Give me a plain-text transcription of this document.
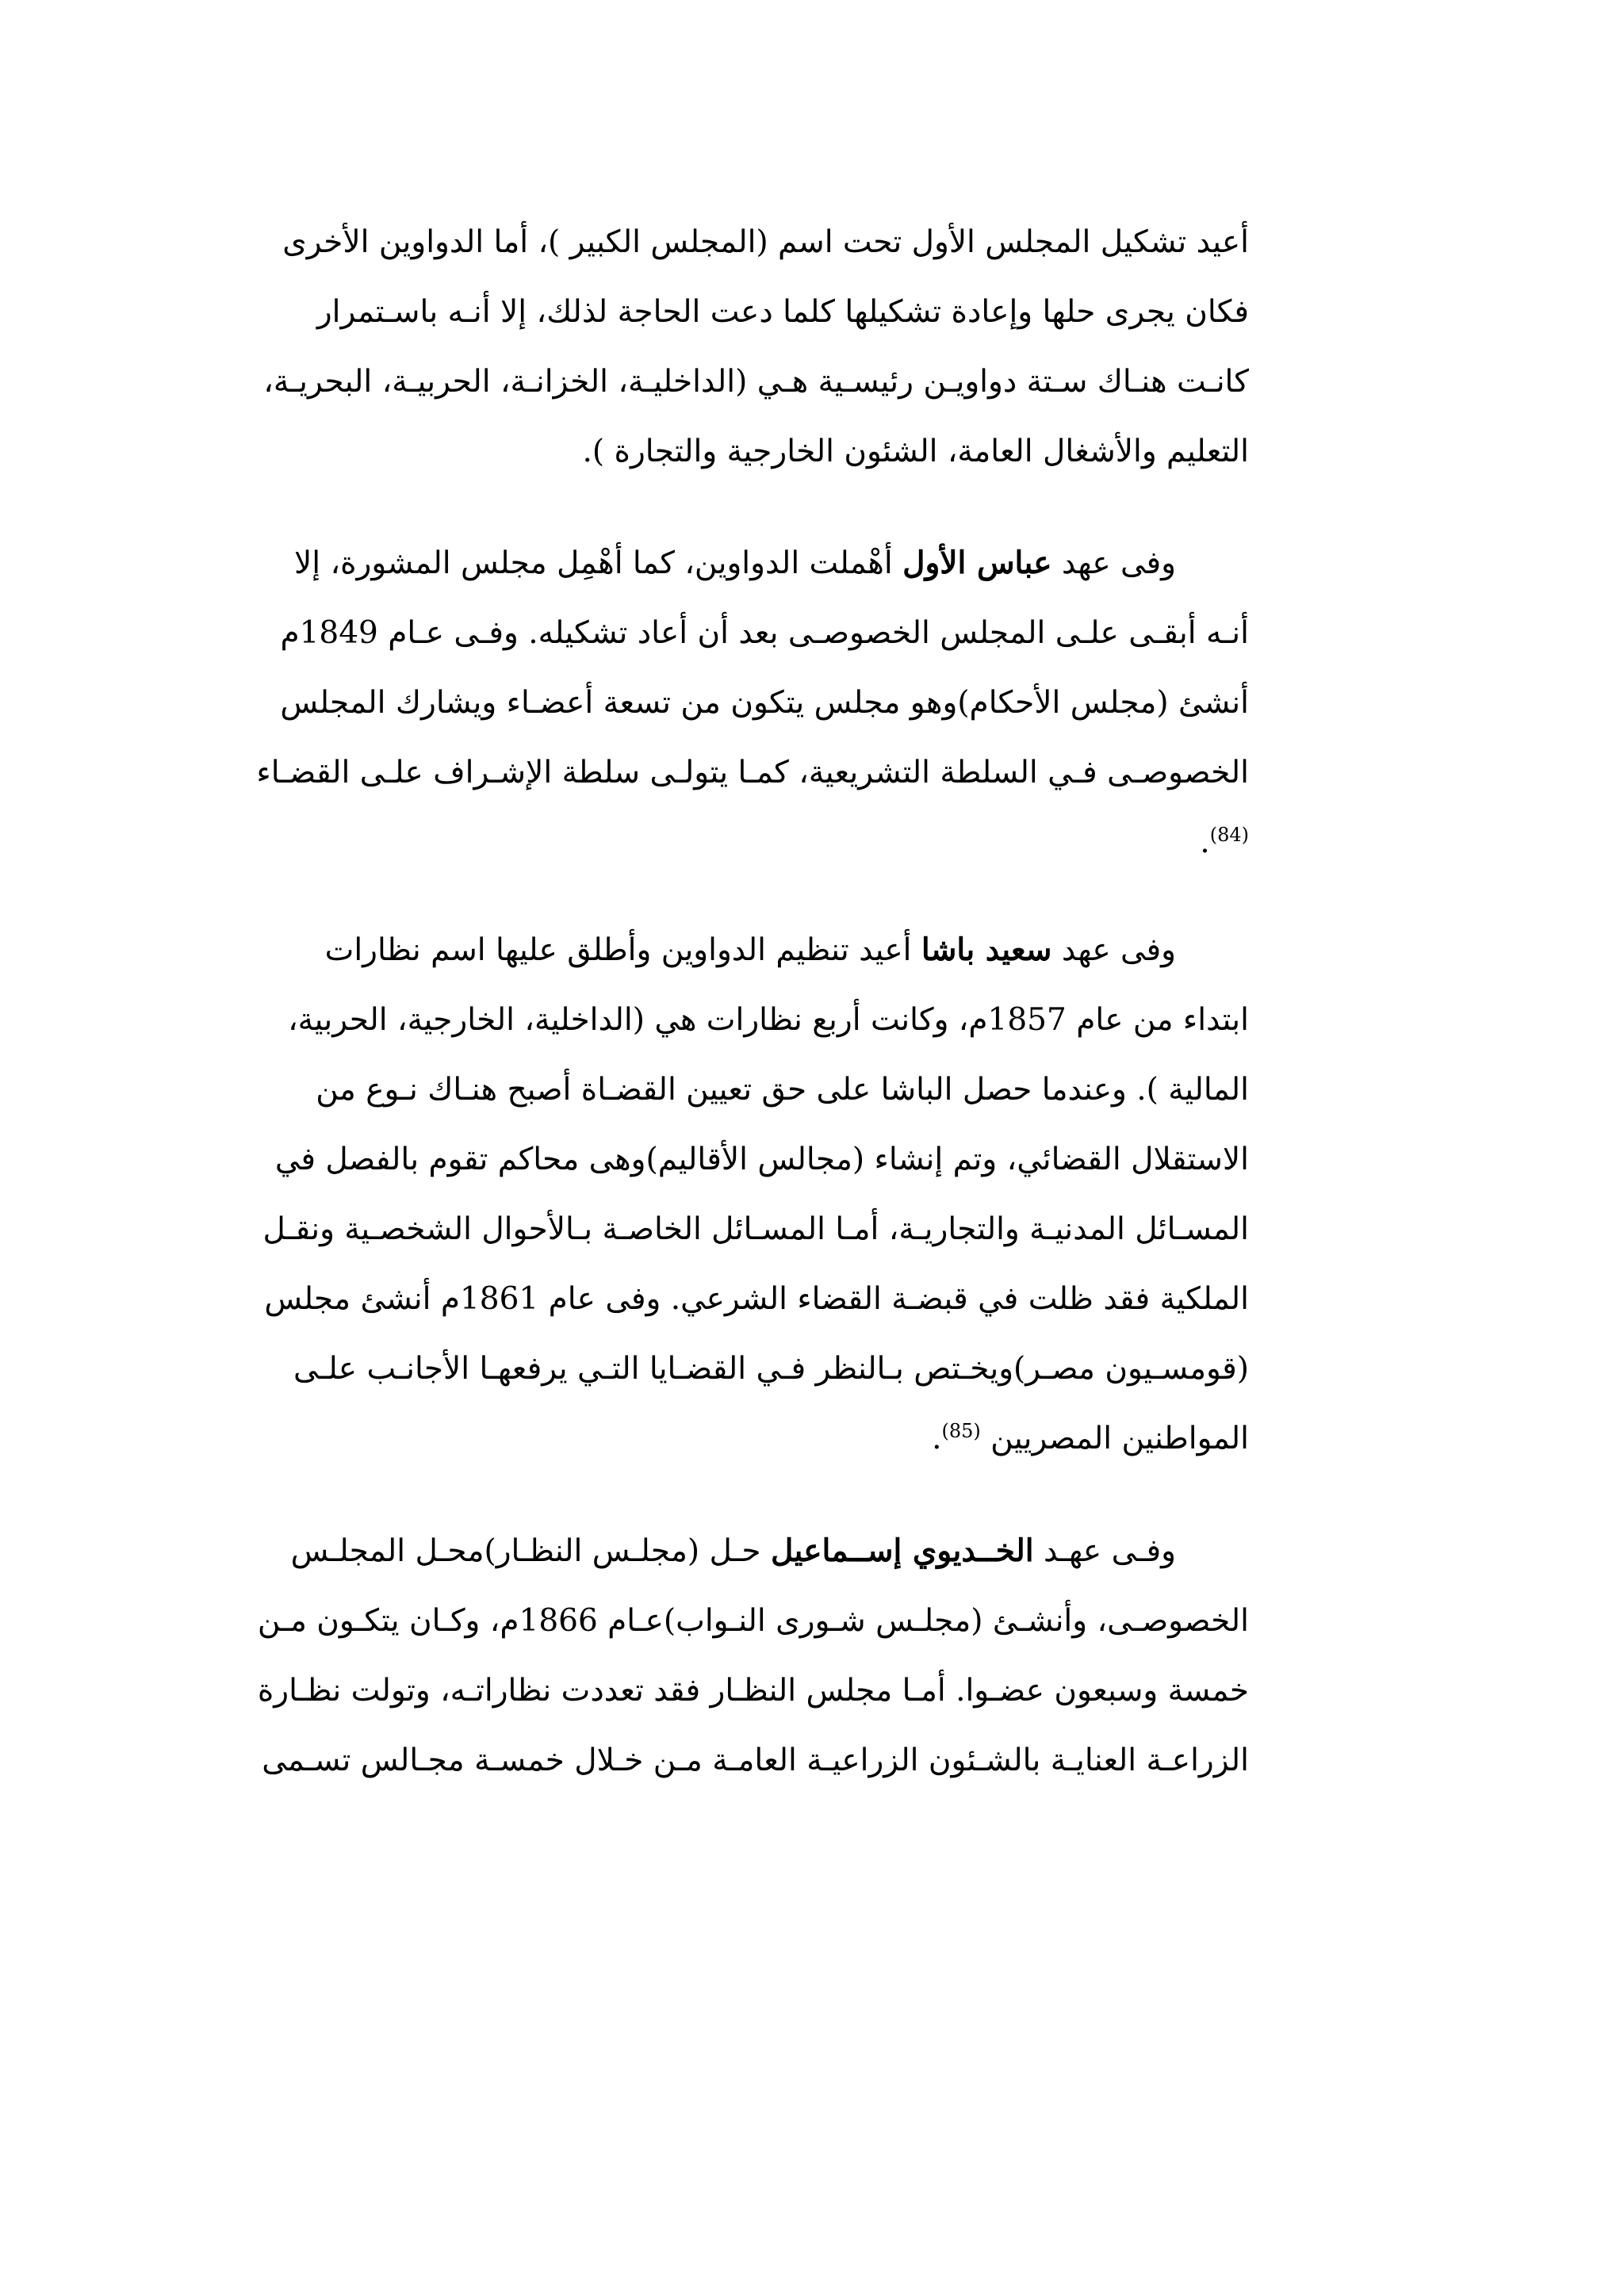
أعيد تشكيل المجلس الأول تحت اسم (المجلس الكبير )، أما الدواوين الأخرى
فكان يجرى حلها وإعادة تشكيلها كلما دعت الحاجة لذلك، إلا أنـه باسـتمرار
كانـت هنـاك سـتة دواويـن رئيسـية هـي (الداخليـة، الخزانـة، الحربيـة، البحريـة،
التعليم والأشغال العامة، الشئون الخارجية والتجارة ).
وفى عهد عباس الأول أهْملت الدواوين، كما أهْمِل مجلس المشورة، إلا
أنـه أبقـى علـى المجلس الخصوصـى بعد أن أعاد تشكيله. وفـى عـام 1849م
أنشئ (مجلس الأحكام)وهو مجلس يتكون من تسعة أعضـاء ويشارك المجلس
الخصوصـى فـي السلطة التشريعية، كمـا يتولـى سلطة الإشـراف علـى القضـاء
$^{(84)}$.
وفى عهد سعيد باشا أعيد تنظيم الدواوين وأطلق عليها اسم نظارات
ابتداء من عام 1857م، وكانت أربع نظارات هي (الداخلية، الخارجية، الحربية،
المالية ). وعندما حصل الباشا على حق تعيين القضـاة أصبح هنـاك نـوع من
الاستقلال القضائي، وتم إنشاء (مجالس الأقاليم)وهى محاكم تقوم بالفصل في
المسـائل المدنيـة والتجاريـة، أمـا المسـائل الخاصـة بـالأحوال الشخصـية ونقـل
الملكية فقد ظلت في قبضـة القضاء الشرعي. وفى عام 1861م أنشئ مجلس
(قومسـيون مصـر)ويخـتص بـالنظر فـي القضـايا التـي يرفعهـا الأجانـب علـى
المواطنين المصريين $^{(85)}$.
وفـى عهـد الخــديوي إســماعيل حـل (مجلـس النظـار)محـل المجلـس
الخصوصـى، وأنشـئ (مجلـس شـورى النـواب)عـام 1866م، وكـان يتكـون مـن
خمسة وسبعون عضـوا. أمـا مجلس النظـار فقد تعددت نظاراتـه، وتولت نظـارة
الزراعـة العنايـة بالشـئون الزراعيـة العامـة مـن خـلال خمسـة مجـالس تسـمى
